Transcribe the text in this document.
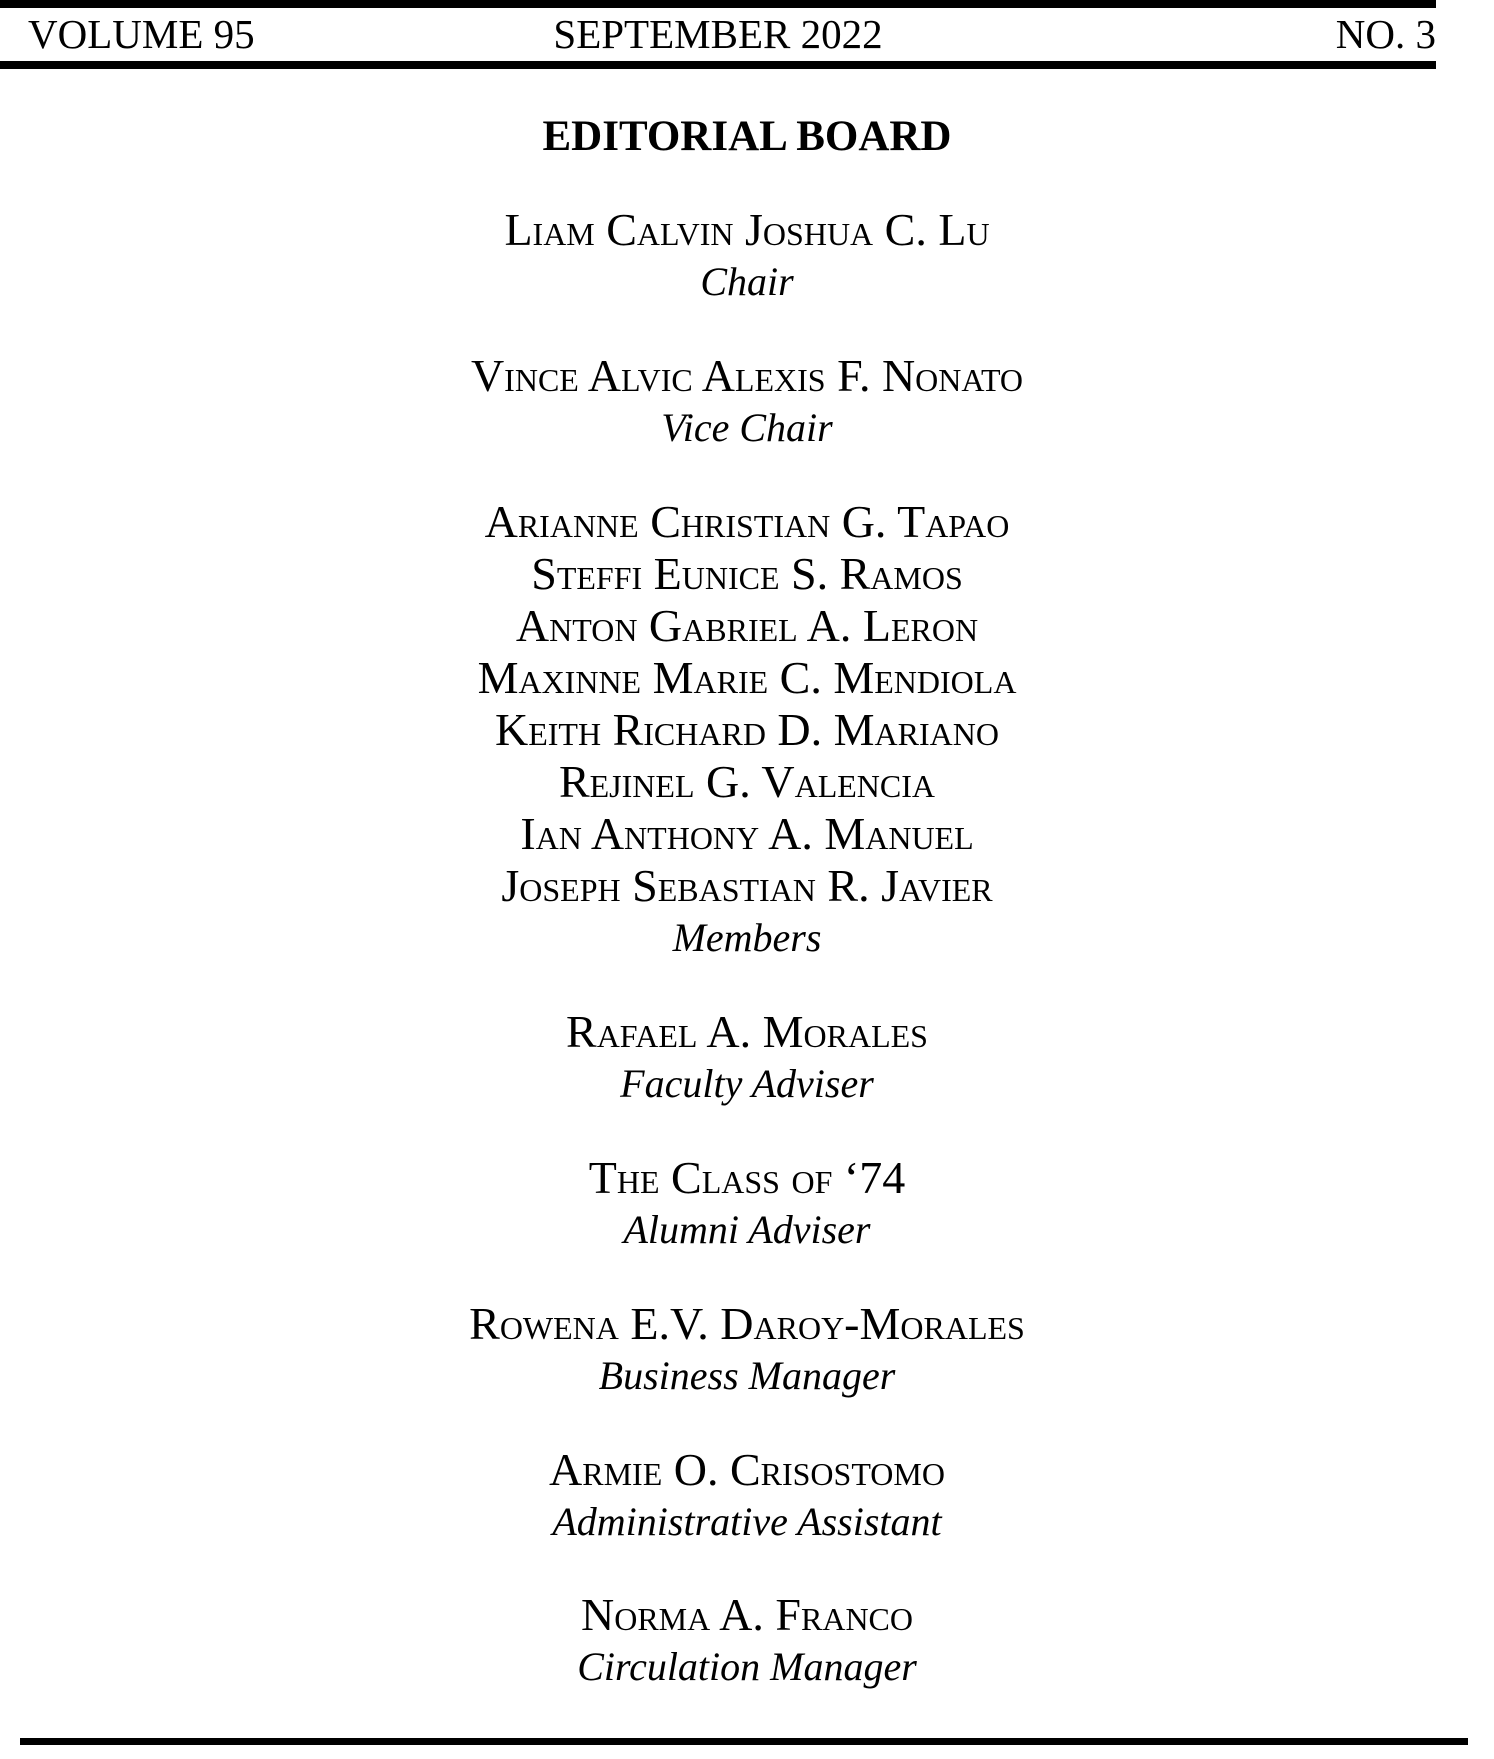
VOLUME 95	SEPTEMBER 2022	NO. 3
EDITORIAL BOARD
Liam Calvin Joshua C. Lu
Chair
Vince Alvic Alexis F. Nonato
Vice Chair
Arianne Christian G. Tapao
Steffi Eunice S. Ramos
Anton Gabriel A. Leron
Maxinne Marie C. Mendiola
Keith Richard D. Mariano
Rejinel G. Valencia
Ian Anthony A. Manuel
Joseph Sebastian R. Javier
Members
Rafael A. Morales
Faculty Adviser
The Class of ‘74
Alumni Adviser
Rowena E.V. Daroy-Morales
Business Manager
Armie O. Crisostomo
Administrative Assistant
Norma A. Franco
Circulation Manager
